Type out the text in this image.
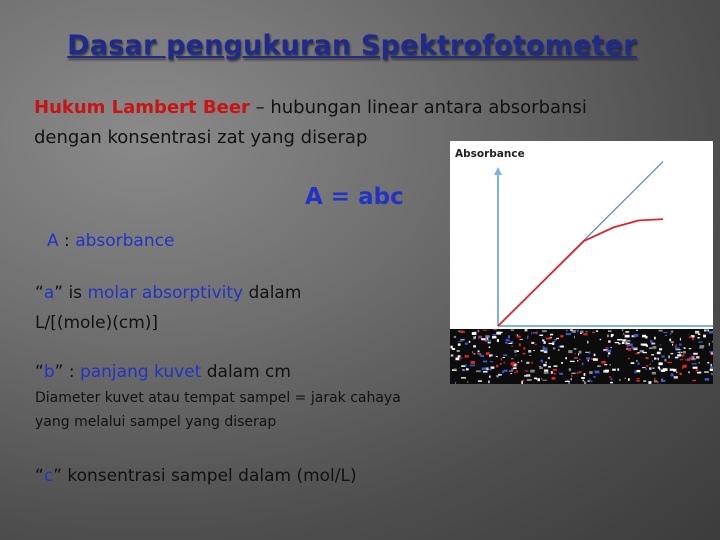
Dasar pengukuran Spektrofotometer
Hukum Lambert Beer – hubungan linear antara absorbansi
dengan konsentrasi zat yang diserap
A = abc
A : absorbance
“a” is molar absorptivity dalam
L/[(mole)(cm)]
“b” : panjang kuvet dalam cm
Diameter kuvet atau tempat sampel = jarak cahaya
yang melalui sampel yang diserap
“c” konsentrasi sampel dalam (mol/L)
Absorbance
